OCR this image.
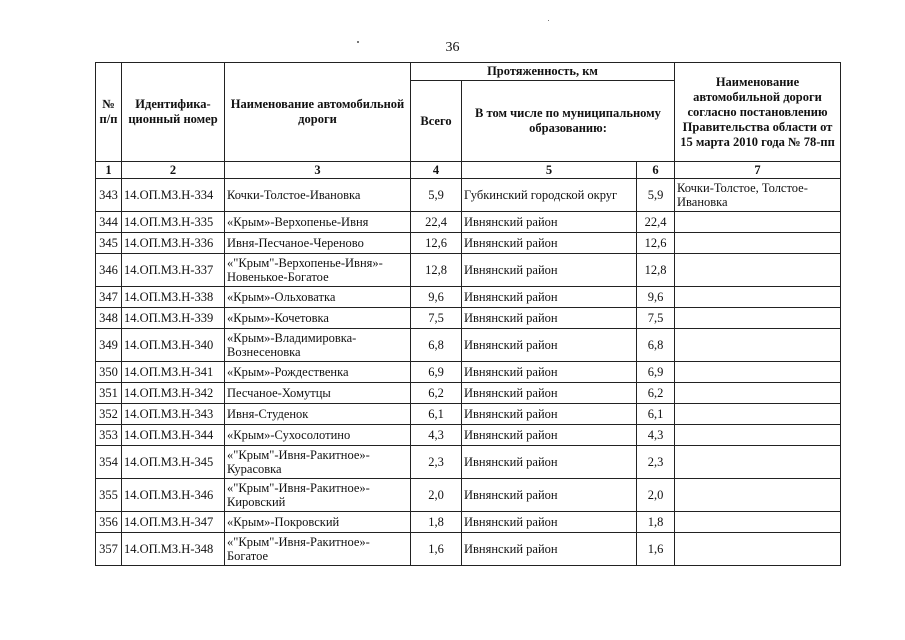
36
№ п/п	Идентифика-ционный номер	Наименование автомобильной дороги	Протяженность, км			Наименование автомобильной дороги согласно постановлению Правительства области от 15 марта 2010 года № 78-пп
			Всего	В том числе по муниципальному образованию:		
1	2	3	4	5	6	7
343	14.ОП.МЗ.Н-334	Кочки-Толстое-Ивановка	5,9	Губкинский городской округ	5,9	Кочки-Толстое, Толстое-Ивановка
344	14.ОП.МЗ.Н-335	«Крым»-Верхопенье-Ивня	22,4	Ивнянский район	22,4	
345	14.ОП.МЗ.Н-336	Ивня-Песчаное-Череново	12,6	Ивнянский район	12,6	
346	14.ОП.МЗ.Н-337	«"Крым"-Верхопенье-Ивня»-Новенькое-Богатое	12,8	Ивнянский район	12,8	
347	14.ОП.МЗ.Н-338	«Крым»-Ольховатка	9,6	Ивнянский район	9,6	
348	14.ОП.МЗ.Н-339	«Крым»-Кочетовка	7,5	Ивнянский район	7,5	
349	14.ОП.МЗ.Н-340	«Крым»-Владимировка-Вознесеновка	6,8	Ивнянский район	6,8	
350	14.ОП.МЗ.Н-341	«Крым»-Рождественка	6,9	Ивнянский район	6,9	
351	14.ОП.МЗ.Н-342	Песчаное-Хомутцы	6,2	Ивнянский район	6,2	
352	14.ОП.МЗ.Н-343	Ивня-Студенок	6,1	Ивнянский район	6,1	
353	14.ОП.МЗ.Н-344	«Крым»-Сухосолотино	4,3	Ивнянский район	4,3	
354	14.ОП.МЗ.Н-345	«"Крым"-Ивня-Ракитное»-Курасовка	2,3	Ивнянский район	2,3	
355	14.ОП.МЗ.Н-346	«"Крым"-Ивня-Ракитное»-Кировский	2,0	Ивнянский район	2,0	
356	14.ОП.МЗ.Н-347	«Крым»-Покровский	1,8	Ивнянский район	1,8	
357	14.ОП.МЗ.Н-348	«"Крым"-Ивня-Ракитное»-Богатое	1,6	Ивнянский район	1,6	
